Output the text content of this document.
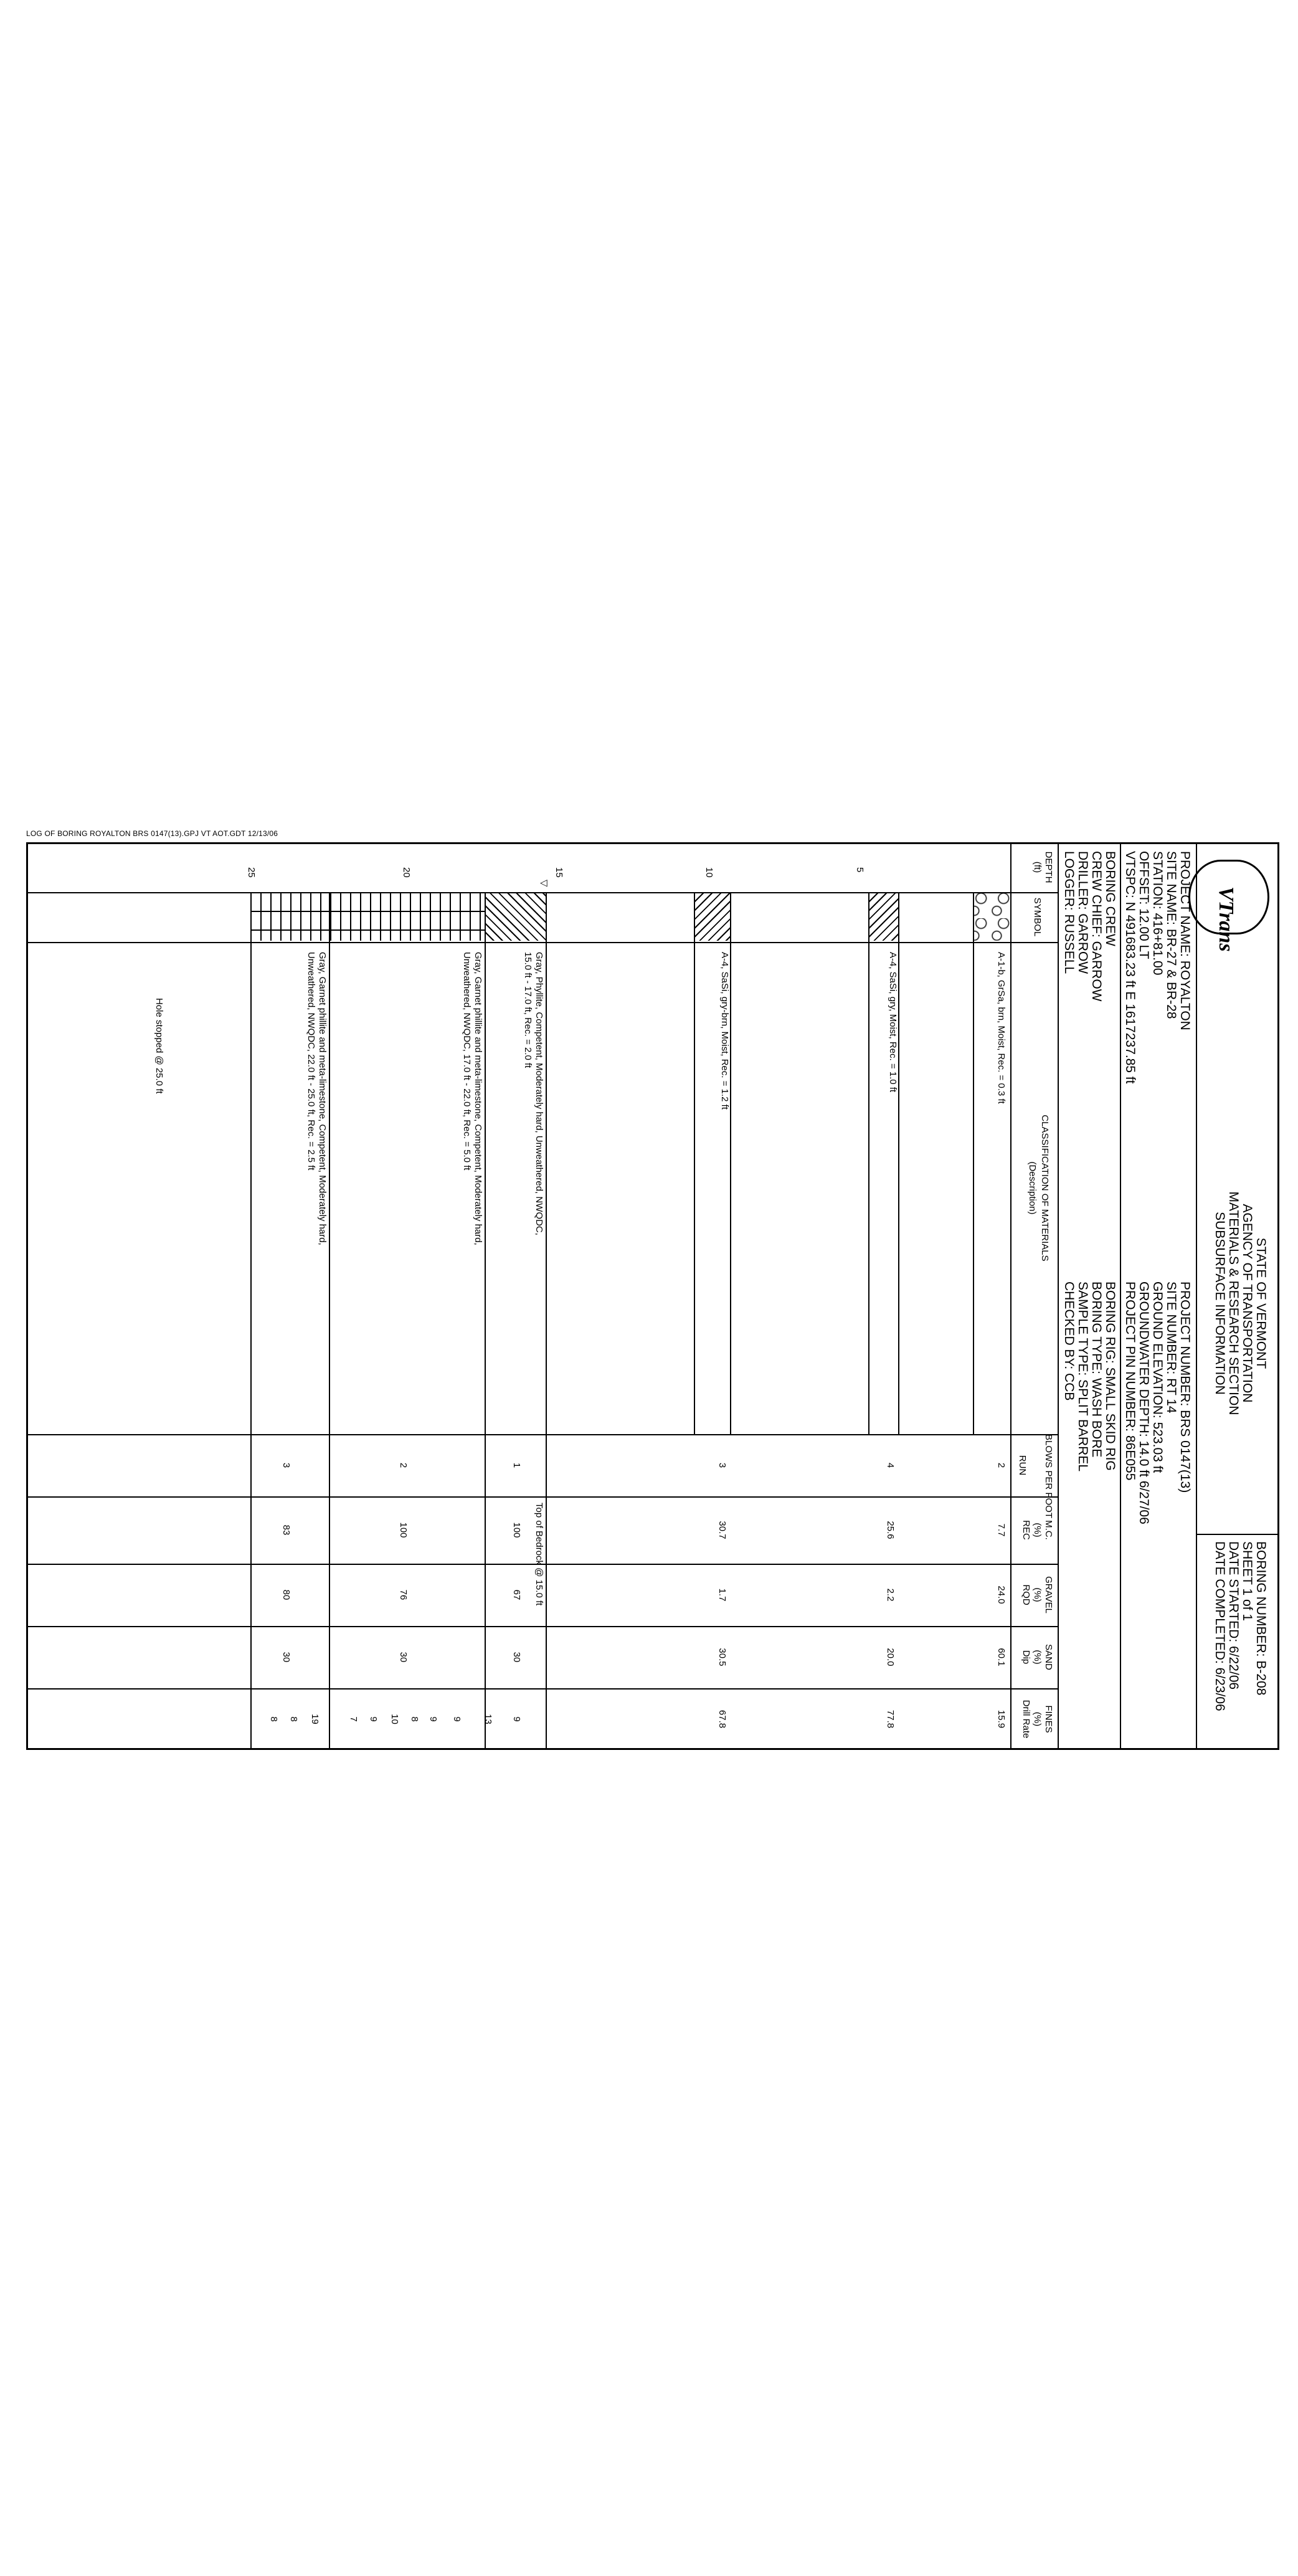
LOG OF BORING ROYALTON BRS 0147(13).GPJ VT AOT.GDT 12/13/06
VTrans
STATE OF VERMONT
AGENCY OF TRANSPORTATION
MATERIALS & RESEARCH SECTION
SUBSURFACE INFORMATION
BORING NUMBER: B-208
SHEET 1 of 1
DATE STARTED: 6/22/06
DATE COMPLETED: 6/23/06
PROJECT NAME: ROYALTON
SITE NAME: BR-27 & BR-28
STATION: 416+81.00
OFFSET: 12.00 LT
VTSPC: N 491683.23 ft E 1617237.85 ft
PROJECT NUMBER: BRS 0147(13)
SITE NUMBER: RT 14
GROUND ELEVATION: 523.03 ft
GROUNDWATER DEPTH: 14.0 ft 6/27/06
PROJECT PIN NUMBER: 86E055
BORING CREW
CREW CHIEF: GARROW
DRILLER: GARROW
LOGGER: RUSSELL
BORING RIG: SMALL SKID RIG
BORING TYPE: WASH BORE
SAMPLE TYPE: SPLIT BARREL
CHECKED BY: CCB
DEPTH
(ft)
SYMBOL
CLASSIFICATION OF MATERIALS
(Description)
BLOWS PER FOOT
RUN
M.C.
(%)
REC
GRAVEL
(%)
RQD
SAND
(%)
Dip
FINES
(%)
Drill Rate
5
10
15
20
25
▽
A-1-b, GrSa, brn, Moist, Rec. = 0.3 ft
A-4, SaSi, gry, Moist, Rec. = 1.0 ft
A-4, SaSi, gry-brn, Moist, Rec. = 1.2 ft
Gray, Phyllite, Competent, Moderately hard, Unweathered, NWQDC,
15.0 ft - 17.0 ft, Rec. = 2.0 ft
Gray, Garnet phillite and meta-limestone, Competent, Moderately hard,
Unweathered, NWQDC, 17.0 ft - 22.0 ft, Rec. = 5.0 ft
Gray, Garnet phillite and meta-limestone, Competent, Moderately hard,
Unweathered, NWQDC, 22.0 ft - 25.0 ft, Rec. = 2.5 ft
Hole stopped @ 25.0 ft
Top of Bedrock @ 15.0 ft
2
7.7
24.0
60.1
15.9
4
25.6
2.2
20.0
77.8
3
30.7
1.7
30.5
67.8
1
100
67
30
2
100
76
30
3
83
80
30
9
13
9
9
8
10
9
7
19
8
8
